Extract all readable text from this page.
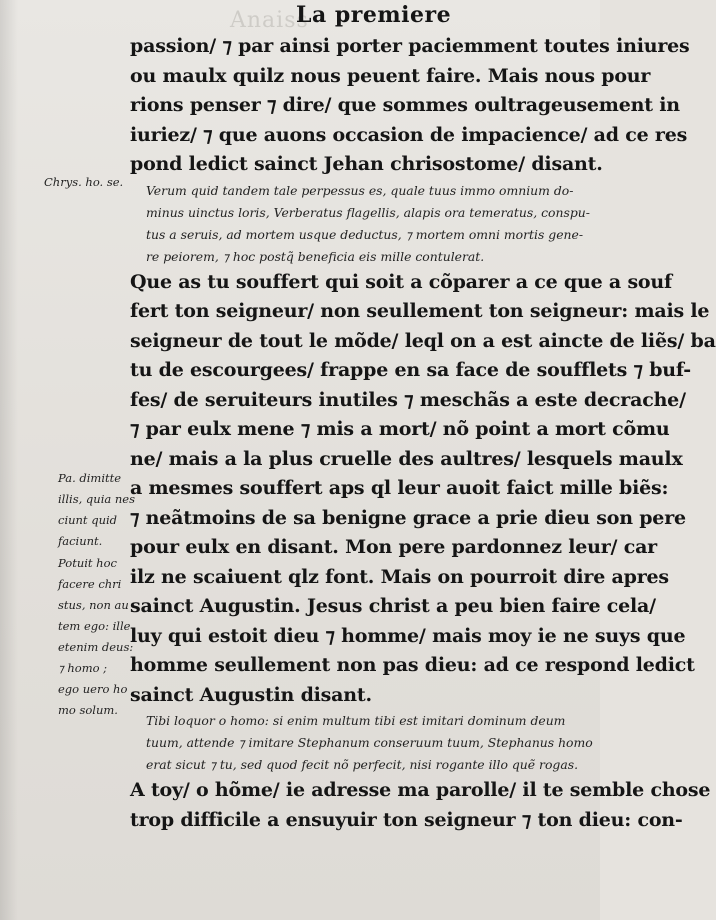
Anaiss
La premiere
passion/ ⁊ par ainsi porter paciemment toutes iniures
ou maulx quilz nous peuent faire. Mais nous pour
rions penser ⁊ dire/ que sommes oultrageusement in
iuriez/ ⁊ que auons occasion de impacience/ ad ce res
pond ledict sainct Jehan chrisostome/ disant.
Verum quid tandem tale perpessus es, quale tuus immo omnium do-
minus uinctus loris, Verberatus flagellis, alapis ora temeratus, conspu-
tus a seruis, ad mortem usque deductus, ⁊ mortem omni mortis gene-
re peiorem, ⁊ hoc postq̃ beneficia eis mille contulerat.
Que as tu souffert qui soit a cõparer a ce que a souf
fert ton seigneur/ non seullement ton seigneur: mais le
seigneur de tout le mõde/ leql on a est aincte de liẽs/ ba
tu de escourgees/ frappe en sa face de soufflets ⁊ buf-
fes/ de seruiteurs inutiles ⁊ meschãs a este decrache/
⁊ par eulx mene ⁊ mis a mort/ nõ point a mort cõmu
ne/ mais a la plus cruelle des aultres/ lesquels maulx
a mesmes souffert aps ql leur auoit faict mille biẽs:
⁊ neãtmoins de sa benigne grace a prie dieu son pere
pour eulx en disant. Mon pere pardonnez leur/ car
ilz ne scaiuent qlz font. Mais on pourroit dire apres
sainct Augustin. Jesus christ a peu bien faire cela/
luy qui estoit dieu ⁊ homme/ mais moy ie ne suys que
homme seullement non pas dieu: ad ce respond ledict
sainct Augustin disant.
Tibi loquor o homo: si enim multum tibi est imitari dominum deum
tuum, attende ⁊ imitare Stephanum conseruum tuum, Stephanus homo
erat sicut ⁊ tu, sed quod fecit nõ perfecit, nisi rogante illo quẽ rogas.
A toy/ o hõme/ ie adresse ma parolle/ il te semble chose
trop difficile a ensuyuir ton seigneur ⁊ ton dieu: con-
Chrys. ho. se.
Pa. dimitte
illis, quia nes
ciunt quid
faciunt.
Potuit hoc
facere chri
stus, non au
tem ego: ille
etenim deus:
⁊ homo ;
ego uero ho
mo solum.
